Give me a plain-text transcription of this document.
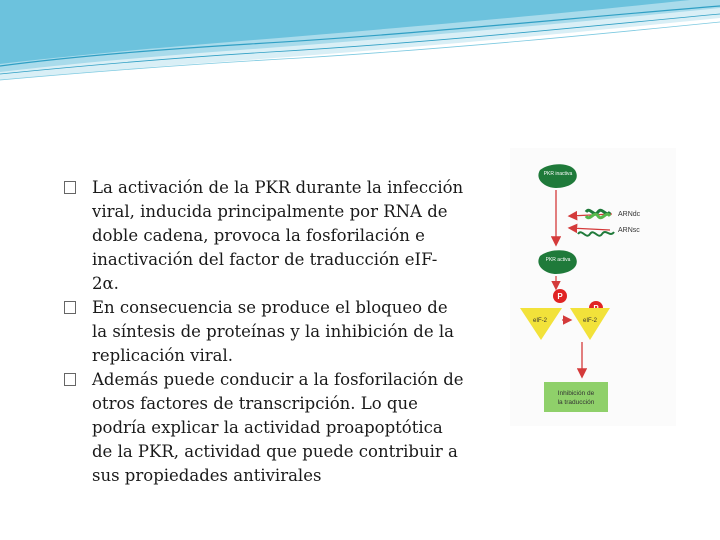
La activación de la PKR durante la infección viral, inducida principalmente por RNA de doble cadena, provoca la fosforilación e inactivación del factor de traducción eIF-2α.
En consecuencia se produce el bloqueo de la síntesis de proteínas y la inhibición de la replicación viral.
Además puede conducir a la fosforilación de otros factores de transcripción. Lo que podría explicar la actividad proapoptótica de la PKR, actividad que puede contribuir a sus propiedades antivirales
PKR inactiva
ARNdc
ARNsc
PKR activa
P
eIF-2	eIF-2
Inhibición de
la traducción
